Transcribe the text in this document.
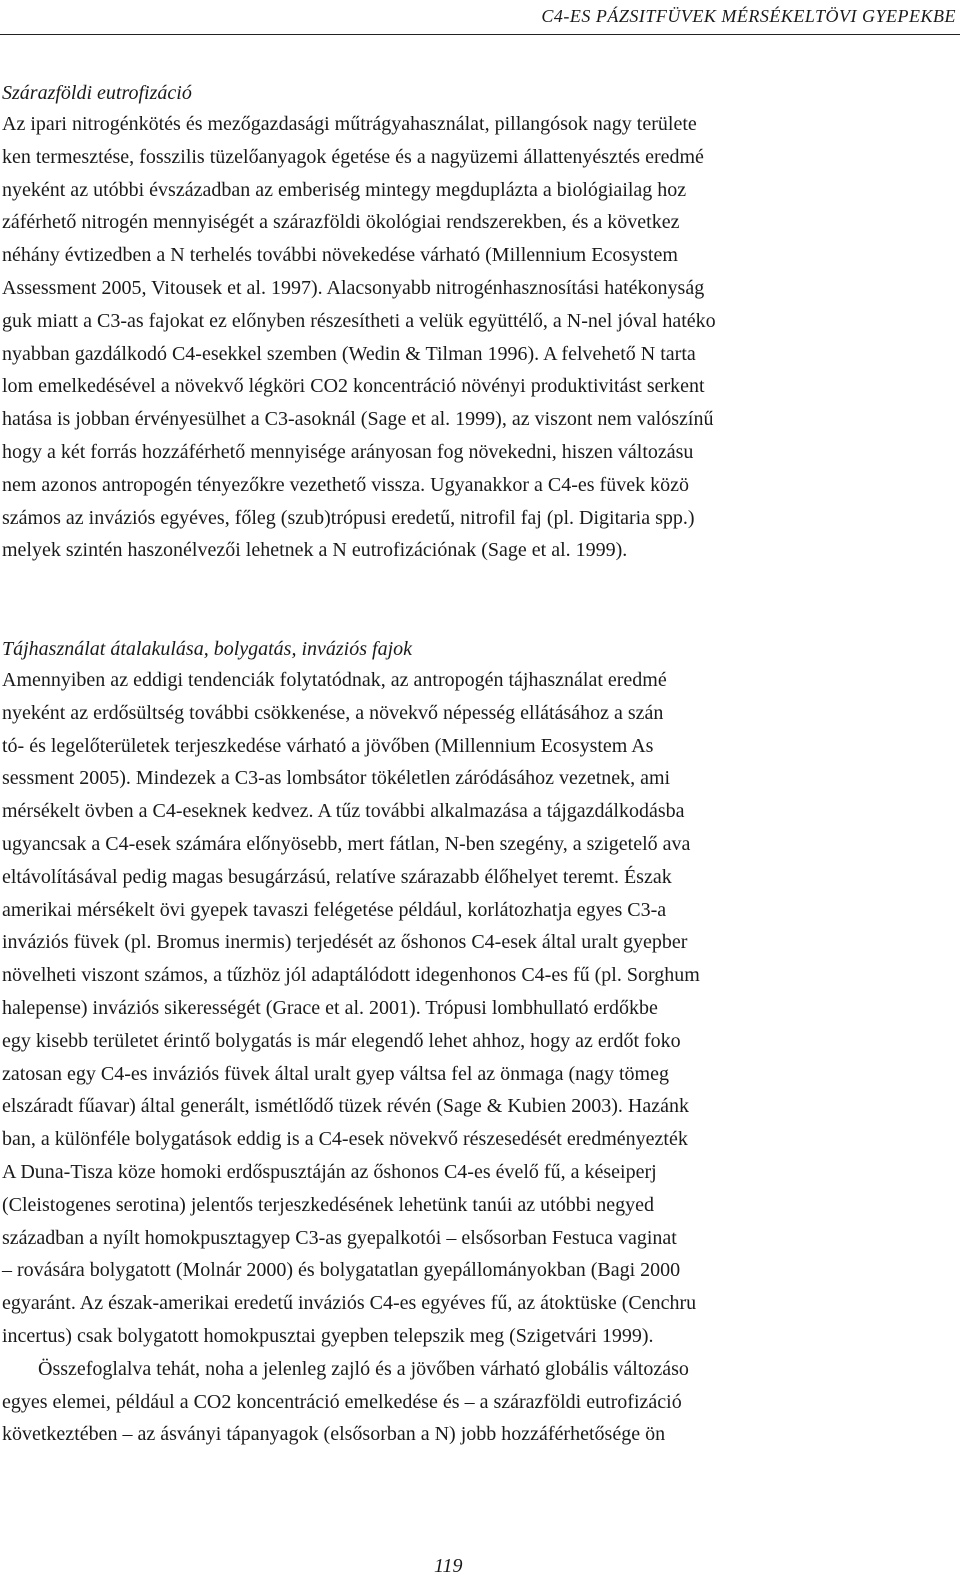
C4-ES PÁZSITFÜVEK MÉRSÉKELTÖVI GYEPEKBE
Szárazföldi eutrofizáció
Az ipari nitrogénkötés és mezőgazdasági műtrágyahasználat, pillangósok nagy területe
ken termesztése, fosszilis tüzelőanyagok égetése és a nagyüzemi állattenyésztés eredmé
nyeként az utóbbi évszázadban az emberiség mintegy megduplázta a biológiailag hoz
záférhető nitrogén mennyiségét a szárazföldi ökológiai rendszerekben, és a következ
néhány évtizedben a N terhelés további növekedése várható (Millennium Ecosystem
Assessment 2005, Vitousek et al. 1997). Alacsonyabb nitrogénhasznosítási hatékonyság
guk miatt a C3-as fajokat ez előnyben részesítheti a velük együttélő, a N-nel jóval hatéko
nyabban gazdálkodó C4-esekkel szemben (Wedin & Tilman 1996). A felvehető N tarta
lom emelkedésével a növekvő légköri CO2 koncentráció növényi produktivitást serkent
hatása is jobban érvényesülhet a C3-asoknál (Sage et al. 1999), az viszont nem valószínű
hogy a két forrás hozzáférhető mennyisége arányosan fog növekedni, hiszen változásu
nem azonos antropogén tényezőkre vezethető vissza. Ugyanakkor a C4-es füvek közö
számos az inváziós egyéves, főleg (szub)trópusi eredetű, nitrofil faj (pl. Digitaria spp.)
melyek szintén haszonélvezői lehetnek a N eutrofizációnak (Sage et al. 1999).
Tájhasználat átalakulása, bolygatás, inváziós fajok
Amennyiben az eddigi tendenciák folytatódnak, az antropogén tájhasználat eredmé
nyeként az erdősültség további csökkenése, a növekvő népesség ellátásához a szán
tó- és legelőterületek terjeszkedése várható a jövőben (Millennium Ecosystem As
sessment 2005). Mindezek a C3-as lombsátor tökéletlen záródásához vezetnek, ami
mérsékelt övben a C4-eseknek kedvez. A tűz további alkalmazása a tájgazdálkodásba
ugyancsak a C4-esek számára előnyösebb, mert fátlan, N-ben szegény, a szigetelő ava
eltávolításával pedig magas besugárzású, relatíve szárazabb élőhelyet teremt. Észak
amerikai mérsékelt övi gyepek tavaszi felégetése például, korlátozhatja egyes C3-a
inváziós füvek (pl. Bromus inermis) terjedését az őshonos C4-esek által uralt gyepber
növelheti viszont számos, a tűzhöz jól adaptálódott idegenhonos C4-es fű (pl. Sorghum
halepense) inváziós sikerességét (Grace et al. 2001). Trópusi lombhullató erdőkbe
egy kisebb területet érintő bolygatás is már elegendő lehet ahhoz, hogy az erdőt foko
zatosan egy C4-es inváziós füvek által uralt gyep váltsa fel az önmaga (nagy tömeg
elszáradt fűavar) által generált, ismétlődő tüzek révén (Sage & Kubien 2003). Hazánk
ban, a különféle bolygatások eddig is a C4-esek növekvő részesedését eredményezték
A Duna-Tisza köze homoki erdőspusztáján az őshonos C4-es évelő fű, a késeiperj
(Cleistogenes serotina) jelentős terjeszkedésének lehetünk tanúi az utóbbi negyed
században a nyílt homokpusztagyep C3-as gyepalkotói – elsősorban Festuca vaginat
– rovására bolygatott (Molnár 2000) és bolygatatlan gyepállományokban (Bagi 2000
egyaránt. Az észak-amerikai eredetű inváziós C4-es egyéves fű, az átoktüske (Cenchru
incertus) csak bolygatott homokpusztai gyepben telepszik meg (Szigetvári 1999).
Összefoglalva tehát, noha a jelenleg zajló és a jövőben várható globális változáso
egyes elemei, például a CO2 koncentráció emelkedése és – a szárazföldi eutrofizáció
következtében – az ásványi tápanyagok (elsősorban a N) jobb hozzáférhetősége ön
119
